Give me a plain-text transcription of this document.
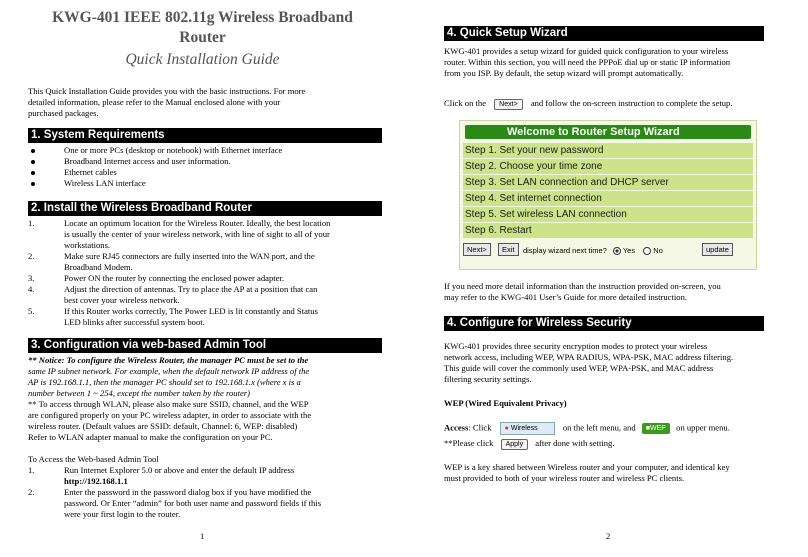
KWG-401 IEEE 802.11g Wireless Broadband
Router
Quick Installation Guide
This Quick Installation Guide provides you with the basic instructions. For more
detailed information, please refer to the Manual enclosed alone with your
purchased packages.
1. System Requirements
One or more PCs (desktop or notebook) with Ethernet interface
Broadband Internet access and user information.
Ethernet cables
Wireless LAN interface
2. Install the Wireless Broadband Router
1.	Locate an optimum location for the Wireless Router. Ideally, the best location
is usually the center of your wireless network, with line of sight to all of your
workstations.
2.	Make sure RJ45 connectors are fully inserted into the WAN port, and the
Broadband Modem.
3.	Power ON the router by connecting the enclosed power adapter.
4.	Adjust the direction of antennas. Try to place the AP at a position that can
best cover your wireless network.
5.	If this Router works correctly, The Power LED is lit constantly and Status
LED blinks after successful system boot.
3. Configuration via web-based Admin Tool
** Notice: To configure the Wireless Router, the manager PC must be set to the
same IP subnet network. For example, when the default network IP address of the
AP is 192.168.1.1, then the manager PC should set to 192.168.1.x (where x is a
number between 1 ~ 254, except the number taken by the router)
** To access through WLAN, please also make sure SSID, channel, and the WEP
are configured properly on your PC wireless adapter, in order to associate with the
wireless router. (Default values are SSID: default, Channel: 6, WEP: disabled)
Refer to WLAN adapter manual to make the configuration on your PC.
To Access the Web-based Admin Tool
1.	Run Internet Explorer 5.0 or above and enter the default IP address
http://192.168.1.1
2.	Enter the password in the password dialog box if you have modified the
password. Or Enter “admin” for both user name and password fields if this
were your first login to the router.
1
4. Quick Setup Wizard
KWG-401 provides a setup wizard for guided quick configuration to your wireless
router. Within this section, you will need the PPPoE dial up or static IP information
from you ISP. By default, the setup wizard will prompt automatically.
Click on the Next> and follow the on-screen instruction to complete the setup.
If you need more detail information than the instruction provided on-screen, you
may refer to the KWG-401 User’s Guide for more detailed instruction.
4. Configure for Wireless Security
KWG-401 provides three security encryption modes to protect your wireless
network access, including WEP, WPA RADIUS, WPA-PSK, MAC address filtering.
This guide will cover the commonly used WEP, WPA-PSK, and MAC address
filtering security settings.
WEP (Wired Equivalent Privacy)
Access: Click ● Wireless	on the left menu, and ■WEP on upper menu.
**Please click Apply after done with setting.
WEP is a key shared between Wireless router and your computer, and identical key
must provided to both of your wireless router and wireless PC clients.
2
Welcome to Router Setup Wizard
Step 1. Set your new password
Step 2. Choose your time zone
Step 3. Set LAN connection and DHCP server
Step 4. Set internet connection
Step 5. Set wireless LAN connection
Step 6. Restart
Next>	Exit	display wizard next time? Yes No	update
